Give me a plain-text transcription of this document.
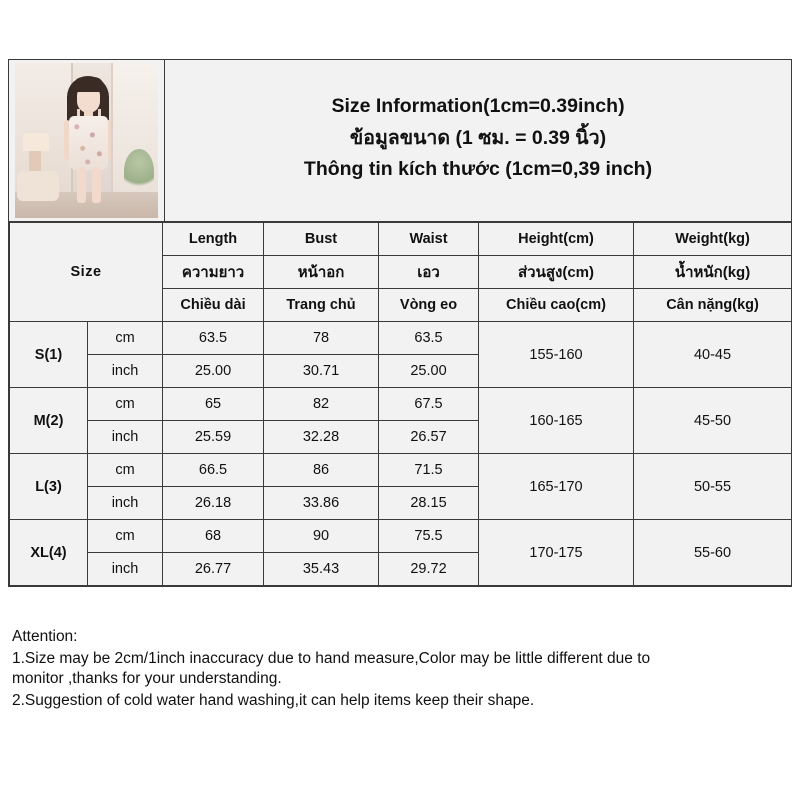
Size Information(1cm=0.39inch)
ข้อมูลขนาด (1 ซม. = 0.39 นิ้ว)
Thông tin kích thước (1cm=0,39 inch)
Size		Length	Bust	Waist	Height(cm)	Weight(kg)
		ความยาว	หน้าอก	เอว	ส่วนสูง(cm)	น้ำหนัก(kg)
		Chiều dài	Trang chủ	Vòng eo	Chiều cao(cm)	Cân nặng(kg)
S(1)	cm	63.5	78	63.5	155-160	40-45
	inch	25.00	30.71	25.00		
M(2)	cm	65	82	67.5	160-165	45-50
	inch	25.59	32.28	26.57		
L(3)	cm	66.5	86	71.5	165-170	50-55
	inch	26.18	33.86	28.15		
XL(4)	cm	68	90	75.5	170-175	55-60
	inch	26.77	35.43	29.72		

Attention:

1.Size may be 2cm/1inch inaccuracy due to hand measure,Color may be little different due to

monitor ,thanks for your understanding.

2.Suggestion of cold water hand washing,it can help items keep their shape.
